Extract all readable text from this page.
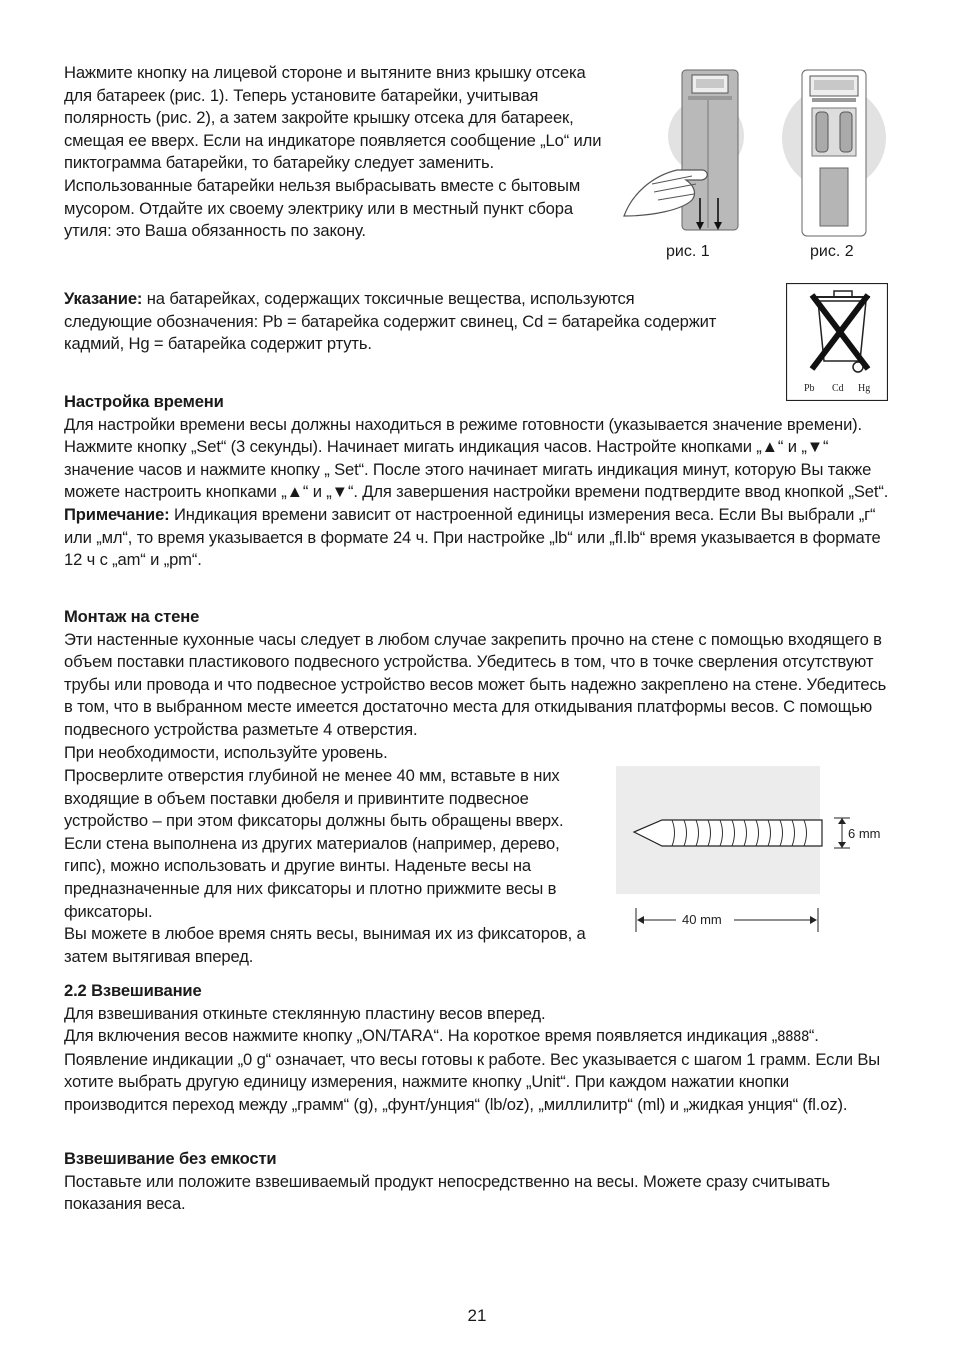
Нажмите кнопку на лицевой стороне и вытяните вниз крышку отсека для батареек (рис. 1). Теперь установите батарейки, учитывая полярность (рис. 2), а затем закройте крышку отсека для батареек, смещая ее вверх. Если на индикаторе появляется сообщение „Lo“ или пиктограмма батарейки, то батарейку следует заменить.

Использованные батарейки нельзя выбрасывать вместе с бытовым мусором. Отдайте их своему электрику или в местный пункт сбора утиля: это Ваша обязанность по закону.

рис. 1	рис. 2

Указание: на батарейках, содержащих токсичные вещества, используются следующие обозначения: Pb = батарейка содержит свинец, Cd = батарейка содержит кадмий, Hg = батарейка содержит ртуть.

Pb Cd Hg
Настройка времени

Для настройки времени весы должны находиться в режиме готовности (указывается значение времени). Нажмите кнопку „Set“ (3 секунды). Начинает мигать индикация часов. Настройте кнопками „▲“ и „▼“ значение часов и нажмите кнопку „ Set“. После этого начинает мигать индикация минут, которую Вы также можете настроить кнопками „▲“ и „▼“. Для завершения настройки времени подтвердите ввод кнопкой „Set“.

Примечание: Индикация времени зависит от настроенной единицы измерения веса. Если Вы выбрали „г“ или „мл“, то время указывается в формате 24 ч. При настройке „lb“ или „fl.lb“ время указывается в формате 12 ч с „am“ и „pm“.

Монтаж на стене

Эти настенные кухонные часы следует в любом случае закрепить прочно на стене с помощью входящего в объем поставки пластикового подвесного устройства. Убедитесь в том, что в точке сверления отсутствуют трубы или провода и что подвесное устройство весов может быть надежно закреплено на стене. Убедитесь в том, что в выбранном месте имеется достаточно места для откидывания платформы весов. С помощью подвесного устройства разметьте 4 отверстия.

При необходимости, используйте уровень.

Просверлите отверстия глубиной не менее 40 мм, вставьте в них входящие в объем поставки дюбеля и привинтите подвесное устройство – при этом фиксаторы должны быть обращены вверх. Если стена выполнена из других материалов (например, дерево, гипс), можно использовать и другие винты. Наденьте весы на предназначенные для них фиксаторы и плотно прижмите весы в фиксаторы.

Вы можете в любое время снять весы, вынимая их из фиксаторов, а затем вытягивая вперед.

6 mm
40 mm
2.2 Взвешивание

Для взвешивания откиньте стеклянную пластину весов вперед.

Для включения весов нажмите кнопку „ON/TARA“. На короткое время появляется индикация „8888“. Появление индикации „0 g“ означает, что весы готовы к работе. Вес указывается с шагом 1 грамм. Если Вы хотите выбрать другую единицу измерения, нажмите кнопку „Unit“. При каждом нажатии кнопки производится переход между „грамм“ (g), „фунт/унция“ (lb/oz), „миллилитр“ (ml) и „жидкая унция“ (fl.oz).

Взвешивание без емкости

Поставьте или положите взвешиваемый продукт непосредственно на весы. Можете сразу считывать показания веса.

21
